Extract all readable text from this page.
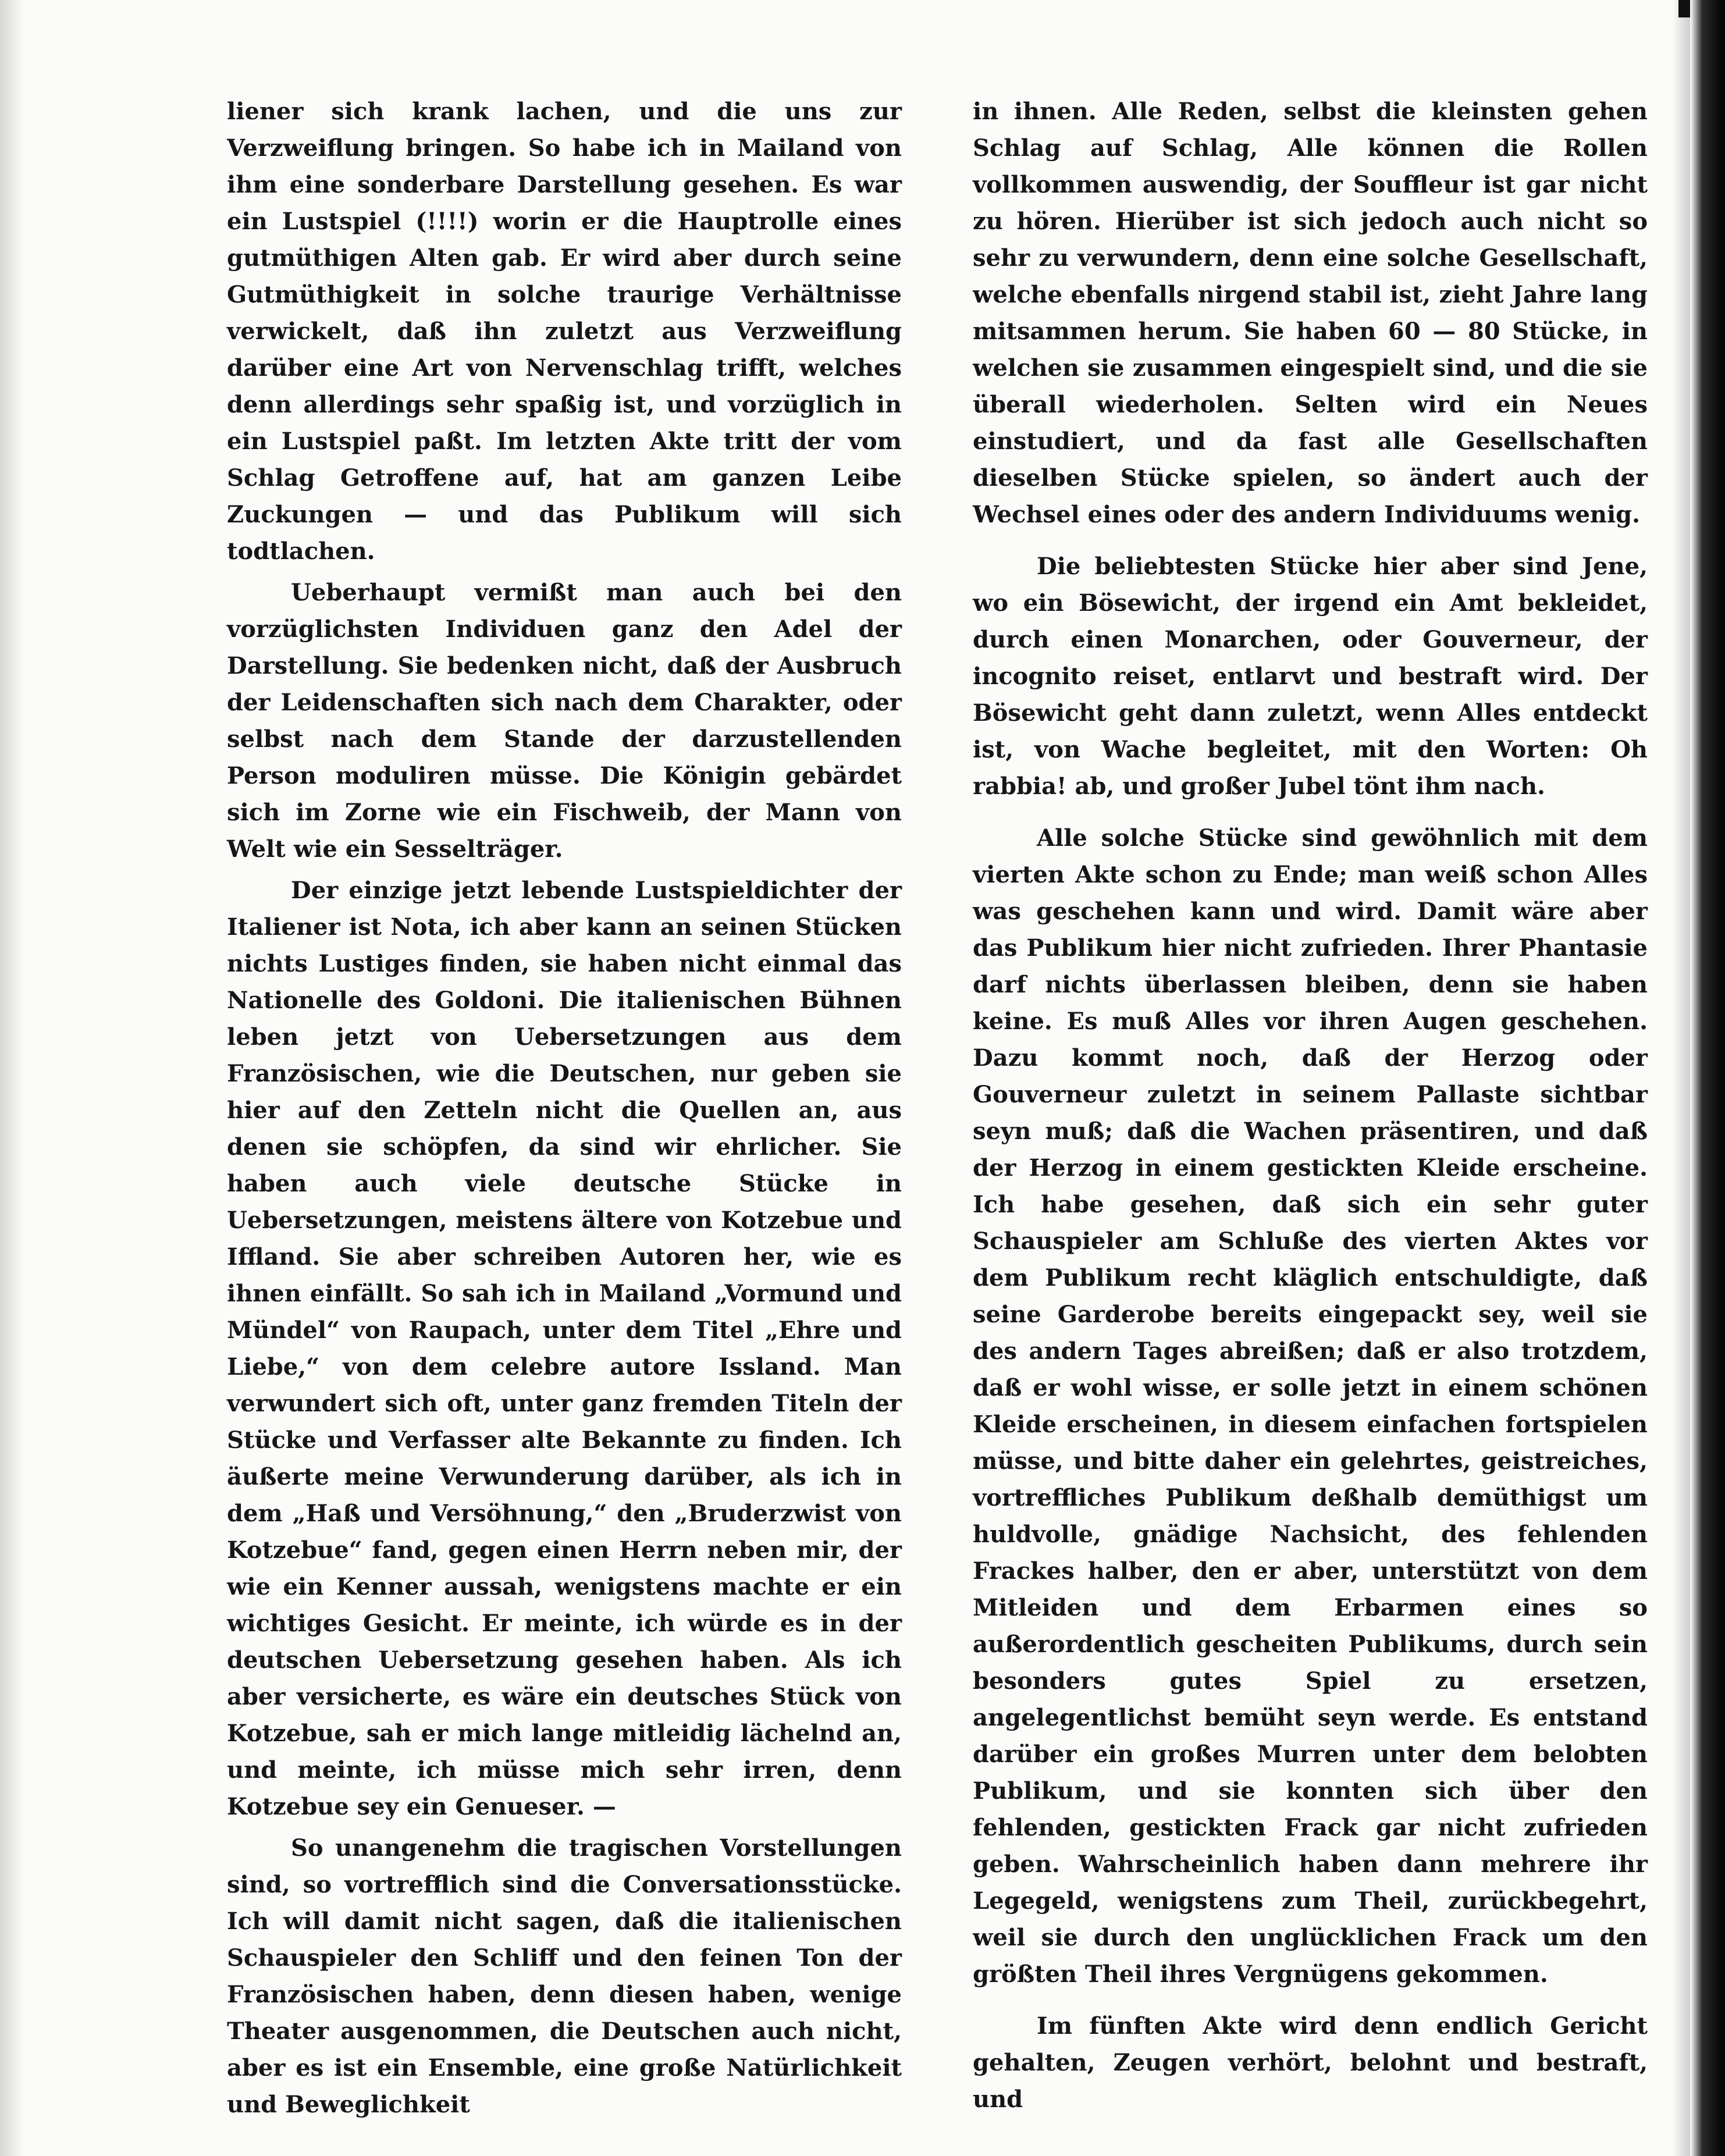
liener sich krank lachen, und die uns zur Verzweiflung bringen. So habe ich in Mailand von ihm eine sonderbare Darstellung gesehen. Es war ein Lustspiel (!!!!) worin er die Hauptrolle eines gutmüthigen Alten gab. Er wird aber durch seine Gutmüthigkeit in solche traurige Verhältnisse verwickelt, daß ihn zuletzt aus Verzweiflung darüber eine Art von Nervenschlag trifft, welches denn allerdings sehr spaßig ist, und vorzüglich in ein Lustspiel paßt. Im letzten Akte tritt der vom Schlag Getroffene auf, hat am ganzen Leibe Zuckungen — und das Publikum will sich todtlachen.

Ueberhaupt vermißt man auch bei den vorzüglichsten Individuen ganz den Adel der Darstellung. Sie bedenken nicht, daß der Ausbruch der Leidenschaften sich nach dem Charakter, oder selbst nach dem Stande der darzustellenden Person moduliren müsse. Die Königin gebärdet sich im Zorne wie ein Fischweib, der Mann von Welt wie ein Sesselträger.

Der einzige jetzt lebende Lustspieldichter der Italiener ist Nota, ich aber kann an seinen Stücken nichts Lustiges finden, sie haben nicht einmal das Nationelle des Goldoni. Die italienischen Bühnen leben jetzt von Uebersetzungen aus dem Französischen, wie die Deutschen, nur geben sie hier auf den Zetteln nicht die Quellen an, aus denen sie schöpfen, da sind wir ehrlicher. Sie haben auch viele deutsche Stücke in Uebersetzungen, meistens ältere von Kotzebue und Iffland. Sie aber schreiben Autoren her, wie es ihnen einfällt. So sah ich in Mailand „Vormund und Mündel“ von Raupach, unter dem Titel „Ehre und Liebe,“ von dem celebre autore Issland. Man verwundert sich oft, unter ganz fremden Titeln der Stücke und Verfasser alte Bekannte zu finden. Ich äußerte meine Verwunderung darüber, als ich in dem „Haß und Versöhnung,“ den „Bruderzwist von Kotzebue“ fand, gegen einen Herrn neben mir, der wie ein Kenner aussah, wenigstens machte er ein wichtiges Gesicht. Er meinte, ich würde es in der deutschen Uebersetzung gesehen haben. Als ich aber versicherte, es wäre ein deutsches Stück von Kotzebue, sah er mich lange mitleidig lächelnd an, und meinte, ich müsse mich sehr irren, denn Kotzebue sey ein Genueser. —

So unangenehm die tragischen Vorstellungen sind, so vortrefflich sind die Conversationsstücke. Ich will damit nicht sagen, daß die italienischen Schauspieler den Schliff und den feinen Ton der Französischen haben, denn diesen haben, wenige Theater ausgenommen, die Deutschen auch nicht, aber es ist ein Ensemble, eine große Natürlichkeit und Beweglichkeit

in ihnen. Alle Reden, selbst die kleinsten gehen Schlag auf Schlag, Alle können die Rollen vollkommen auswendig, der Souffleur ist gar nicht zu hören. Hierüber ist sich jedoch auch nicht so sehr zu verwundern, denn eine solche Gesellschaft, welche ebenfalls nirgend stabil ist, zieht Jahre lang mitsammen herum. Sie haben 60 — 80 Stücke, in welchen sie zusammen eingespielt sind, und die sie überall wiederholen. Selten wird ein Neues einstudiert, und da fast alle Gesellschaften dieselben Stücke spielen, so ändert auch der Wechsel eines oder des andern Individuums wenig.

Die beliebtesten Stücke hier aber sind Jene, wo ein Bösewicht, der irgend ein Amt bekleidet, durch einen Monarchen, oder Gouverneur, der incognito reiset, entlarvt und bestraft wird. Der Bösewicht geht dann zuletzt, wenn Alles entdeckt ist, von Wache begleitet, mit den Worten: Oh rabbia! ab, und großer Jubel tönt ihm nach.

Alle solche Stücke sind gewöhnlich mit dem vierten Akte schon zu Ende; man weiß schon Alles was geschehen kann und wird. Damit wäre aber das Publikum hier nicht zufrieden. Ihrer Phantasie darf nichts überlassen bleiben, denn sie haben keine. Es muß Alles vor ihren Augen geschehen. Dazu kommt noch, daß der Herzog oder Gouverneur zuletzt in seinem Pallaste sichtbar seyn muß; daß die Wachen präsentiren, und daß der Herzog in einem gestickten Kleide erscheine. Ich habe gesehen, daß sich ein sehr guter Schauspieler am Schluße des vierten Aktes vor dem Publikum recht kläglich entschuldigte, daß seine Garderobe bereits eingepackt sey, weil sie des andern Tages abreißen; daß er also trotzdem, daß er wohl wisse, er solle jetzt in einem schönen Kleide erscheinen, in diesem einfachen fortspielen müsse, und bitte daher ein gelehrtes, geistreiches, vortreffliches Publikum deßhalb demüthigst um huldvolle, gnädige Nachsicht, des fehlenden Frackes halber, den er aber, unterstützt von dem Mitleiden und dem Erbarmen eines so außerordentlich gescheiten Publikums, durch sein besonders gutes Spiel zu ersetzen, angelegentlichst bemüht seyn werde. Es entstand darüber ein großes Murren unter dem belobten Publikum, und sie konnten sich über den fehlenden, gestickten Frack gar nicht zufrieden geben. Wahrscheinlich haben dann mehrere ihr Legegeld, wenigstens zum Theil, zurückbegehrt, weil sie durch den unglücklichen Frack um den größten Theil ihres Vergnügens gekommen.

Im fünften Akte wird denn endlich Gericht gehalten, Zeugen verhört, belohnt und bestraft, und
